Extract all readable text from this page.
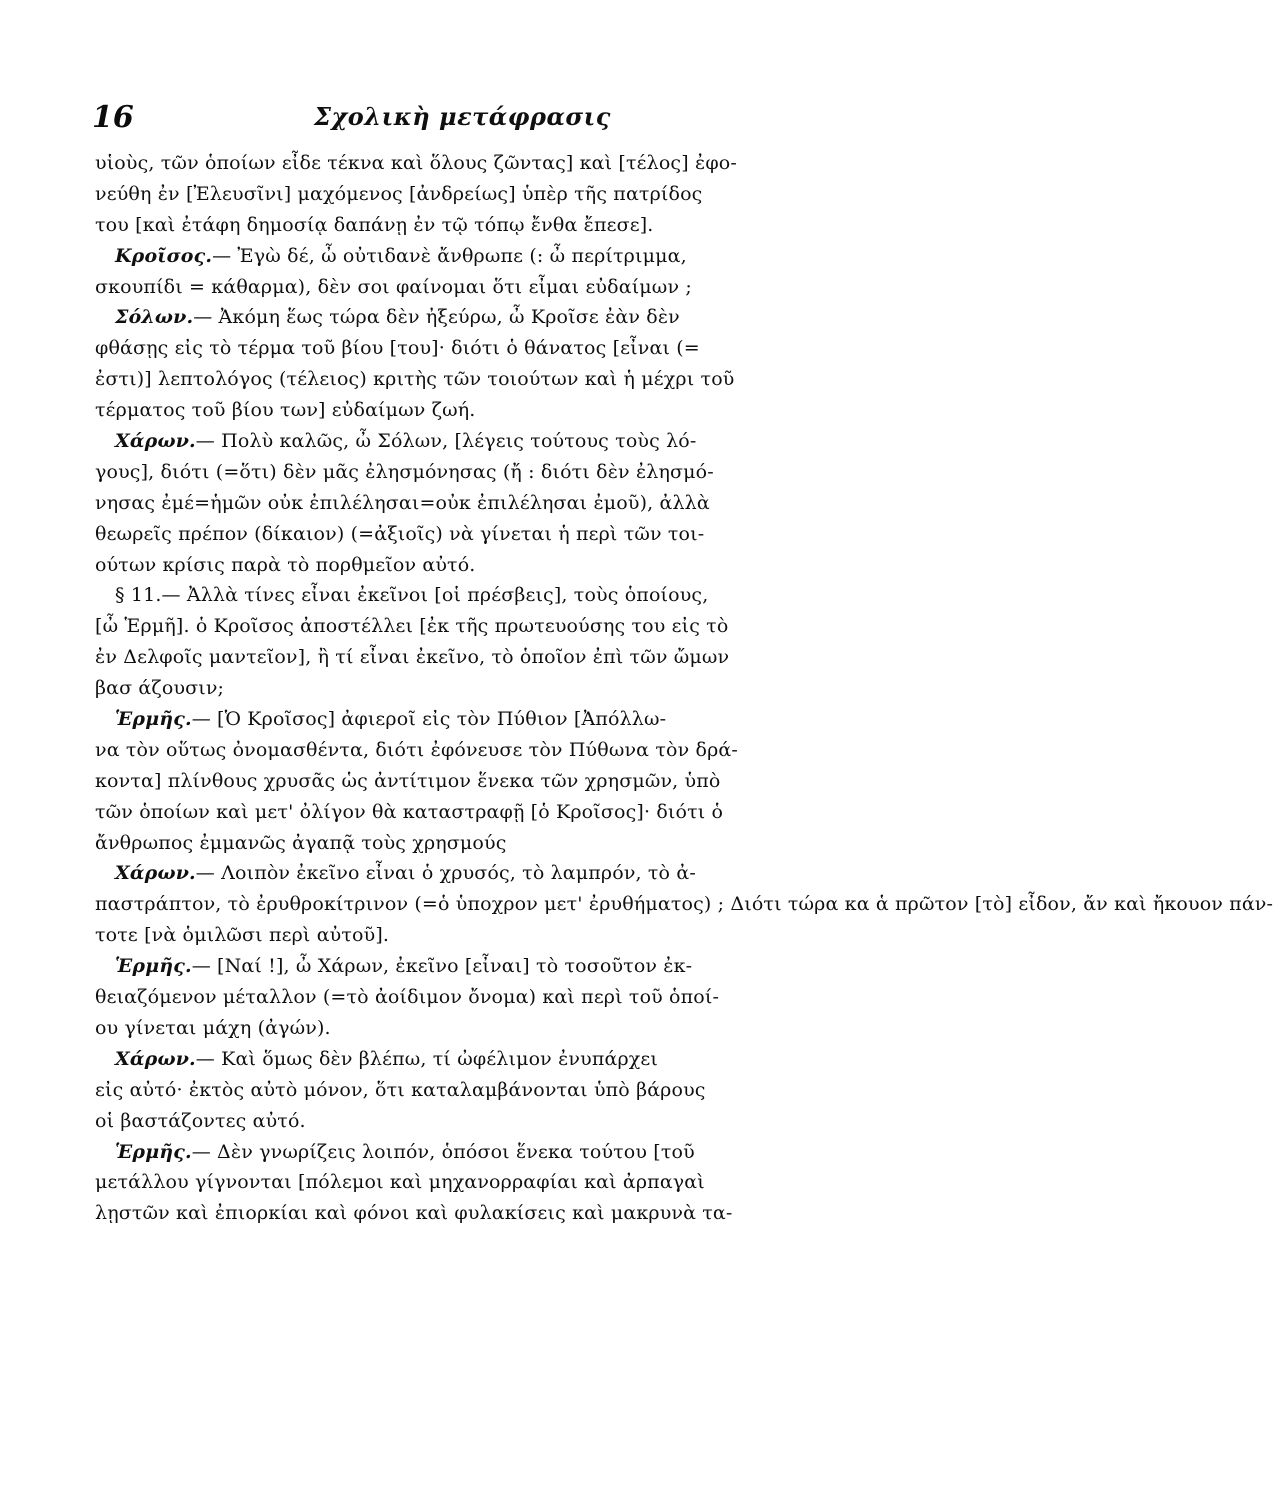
16	Σχολικὴ μετάφρασις
υἱοὺς, τῶν ὁποίων εἶδε τέκνα καὶ ὅλους ζῶντας] καὶ [τέλος] ἐφο-
νεύθη ἐν [Ἐλευσῖνι] μαχόμενος [ἀνδρείως] ὑπὲρ τῆς πατρίδος
του [καὶ ἐτάφη δημοσίᾳ δαπάνῃ ἐν τῷ τόπῳ ἔνθα ἔπεσε].
Κροῖσος.— Ἐγὼ δέ, ὦ οὐτιδανὲ ἄνθρωπε (: ὦ περίτριμμα,
σκουπίδι = κάθαρμα), δὲν σοι φαίνομαι ὅτι εἶμαι εὐδαίμων ;
Σόλων.— Ἀκόμη ἕως τώρα δὲν ἠξεύρω, ὦ Κροῖσε ἐὰν δὲν
φθάσῃς εἰς τὸ τέρμα τοῦ βίου [του]· διότι ὁ θάνατος [εἶναι (=
ἐστι)] λεπτολόγος (τέλειος) κριτὴς τῶν τοιούτων καὶ ἡ μέχρι τοῦ
τέρματος τοῦ βίου των] εὐδαίμων ζωή.
Χάρων.— Πολὺ καλῶς, ὦ Σόλων, [λέγεις τούτους τοὺς λό-
γους], διότι (=ὅτι) δὲν μᾶς ἐλησμόνησας (ἤ : διότι δὲν ἐλησμό-
νησας ἐμέ=ἡμῶν οὐκ ἐπιλέλησαι=οὐκ ἐπιλέλησαι ἐμοῦ), ἀλλὰ
θεωρεῖς πρέπον (δίκαιον) (=ἀξιοῖς) νὰ γίνεται ἡ περὶ τῶν τοι-
ούτων κρίσις παρὰ τὸ πορθμεῖον αὐτό.
§ 11.— Ἀλλὰ τίνες εἶναι ἐκεῖνοι [οἱ πρέσβεις], τοὺς ὁποίους,
[ὦ Ἑρμῆ]. ὁ Κροῖσος ἀποστέλλει [ἐκ τῆς πρωτευούσης του εἰς τὸ
ἐν Δελφοῖς μαντεῖον], ἢ τί εἶναι ἐκεῖνο, τὸ ὁποῖον ἐπὶ τῶν ὤμων
βασ άζουσιν;
Ἑρμῆς.— [Ὁ Κροῖσος] ἀφιεροῖ εἰς τὸν Πύθιον [Ἀπόλλω-
να τὸν οὕτως ὀνομασθέντα, διότι ἐφόνευσε τὸν Πύθωνα τὸν δρά-
κοντα] πλίνθους χρυσᾶς ὡς ἀντίτιμον ἕνεκα τῶν χρησμῶν, ὑπὸ
τῶν ὁποίων καὶ μετ' ὀλίγον θὰ καταστραφῇ [ὁ Κροῖσος]· διότι ὁ
ἄνθρωπος ἐμμανῶς ἀγαπᾷ τοὺς χρησμούς
Χάρων.— Λοιπὸν ἐκεῖνο εἶναι ὁ χρυσός, τὸ λαμπρόν, τὸ ἀ-
παστράπτον, τὸ ἐρυθροκίτρινον (=ὁ ὑποχρον μετ' ἐρυθήματος) ; Διότι τώρα κα ἁ πρῶτον [τὸ] εἶδον, ἄν καὶ ἤκουον πάν-
τοτε [νὰ ὁμιλῶσι περὶ αὐτοῦ].
Ἑρμῆς.— [Ναί !], ὦ Χάρων, ἐκεῖνο [εἶναι] τὸ τοσοῦτον ἐκ-
θειαζόμενον μέταλλον (=τὸ ἀοίδιμον ὄνομα) καὶ περὶ τοῦ ὁποί-
ου γίνεται μάχη (ἀγών).
Χάρων.— Καὶ ὅμως δὲν βλέπω, τί ὠφέλιμον ἐνυπάρχει
εἰς αὐτό· ἐκτὸς αὐτὸ μόνον, ὅτι καταλαμβάνονται ὑπὸ βάρους
οἱ βαστάζοντες αὐτό.
Ἑρμῆς.— Δὲν γνωρίζεις λοιπόν, ὁπόσοι ἕνεκα τούτου [τοῦ
μετάλλου γίγνονται [πόλεμοι καὶ μηχανορραφίαι καὶ ἀρπαγαὶ
λῃστῶν καὶ ἐπιορκίαι καὶ φόνοι καὶ φυλακίσεις καὶ μακρυνὰ τα-
